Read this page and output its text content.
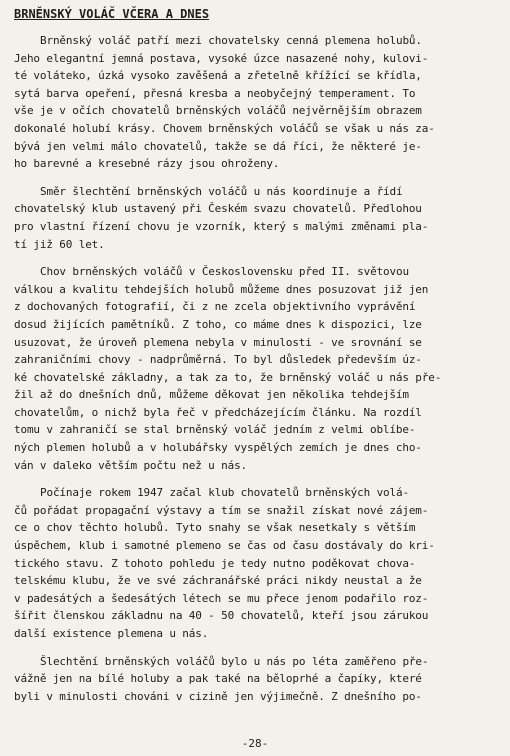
BRNĚNSKÝ VOLÁČ VČERA A DNES
Brněnský voláč patří mezi chovatelsky cenná plemena holubů.
Jeho elegantní jemná postava, vysoké úzce nasazené nohy, kulovi-
té voláteko, úzká vysoko zavěšená a zřetelně křížící se křídla,
sytá barva opeření, přesná kresba a neobyčejný temperament. To
vše je v očích chovatelů brněnských voláčů nejvěrnějším obrazem
dokonalé holubí krásy. Chovem brněnských voláčů se však u nás za-
bývá jen velmi málo chovatelů, takže se dá říci, že některé je-
ho barevné a kresebné rázy jsou ohroženy.
Směr šlechtění brněnských voláčů u nás koordinuje a řídí
chovatelský klub ustavený při Českém svazu chovatelů. Předlohou
pro vlastní řízení chovu je vzorník, který s malými změnami pla-
tí již 60 let.
Chov brněnských voláčů v Československu před II. světovou
válkou a kvalitu tehdejších holubů můžeme dnes posuzovat již jen
z dochovaných fotografií, či z ne zcela objektivního vyprávění
dosud žijících pamětníků. Z toho, co máme dnes k dispozici, lze
usuzovat, že úroveň plemena nebyla v minulosti - ve srovnání se
zahraničními chovy - nadprůměrná. To byl důsledek především úz-
ké chovatelské základny, a tak za to, že brněnský voláč u nás pře-
žil až do dnešních dnů, můžeme děkovat jen několika tehdejším
chovatelům, o nichž byla řeč v předcházejícím článku. Na rozdíl
tomu v zahraničí se stal brněnský voláč jedním z velmi oblíbe-
ných plemen holubů a v holubářsky vyspělých zemích je dnes cho-
ván v daleko větším počtu než u nás.
Počínaje rokem 1947 začal klub chovatelů brněnských volá-
čů pořádat propagační výstavy a tím se snažil získat nové zájem-
ce o chov těchto holubů. Tyto snahy se však nesetkaly s větším
úspěchem, klub i samotné plemeno se čas od času dostávaly do kri-
tického stavu. Z tohoto pohledu je tedy nutno poděkovat chova-
telskému klubu, že ve své záchranářské práci nikdy neustal a že
v padesátých a šedesátých létech se mu přece jenom podařilo roz-
šířit členskou základnu na 40 - 50 chovatelů, kteří jsou zárukou
další existence plemena u nás.
Šlechtění brněnských voláčů bylo u nás po léta zaměřeno pře-
vážně jen na bílé holuby a pak také na běloprhé a čapíky, které
byli v minulosti chováni v cizině jen výjimečně. Z dnešního po-
-28-
